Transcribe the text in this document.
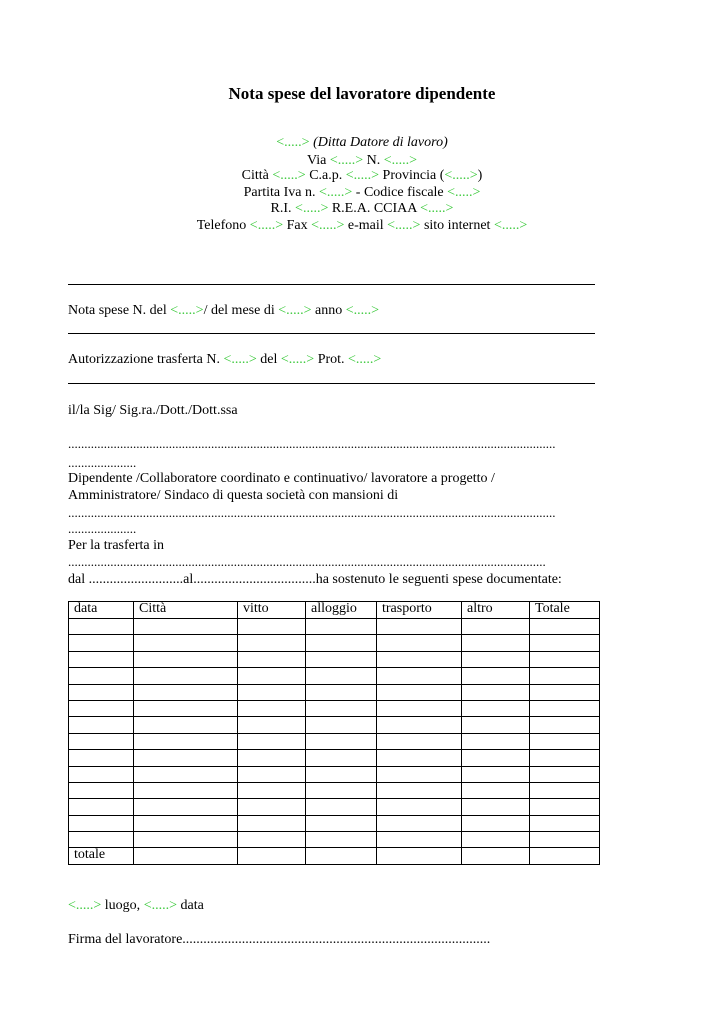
Nota spese del lavoratore dipendente
<.....> (Ditta Datore di lavoro)
Via <.....> N. <.....>
Città <.....> C.a.p. <.....> Provincia (<.....>)
Partita Iva n. <.....> - Codice fiscale <.....>
R.I. <.....> R.E.A. CCIAA <.....>
Telefono <.....> Fax <.....> e-mail <.....> sito internet <.....>
Nota spese N. del <.....>/ del mese di <.....> anno <.....>
Autorizzazione trasferta N. <.....> del <.....> Prot. <.....>
il/la Sig/ Sig.ra./Dott./Dott.ssa
......................................................................................................................................................
.....................
Dipendente /Collaboratore coordinato e continuativo/ lavoratore a progetto /
Amministratore/ Sindaco di questa società con mansioni di
......................................................................................................................................................
.....................
Per la trasferta in
...................................................................................................................................................
dal ...........................al...................................ha sostenuto le seguenti spese documentate:
data	Città	vitto	alloggio	trasporto	altro	Totale

totale						
<.....> luogo, <.....> data
Firma del lavoratore........................................................................................
